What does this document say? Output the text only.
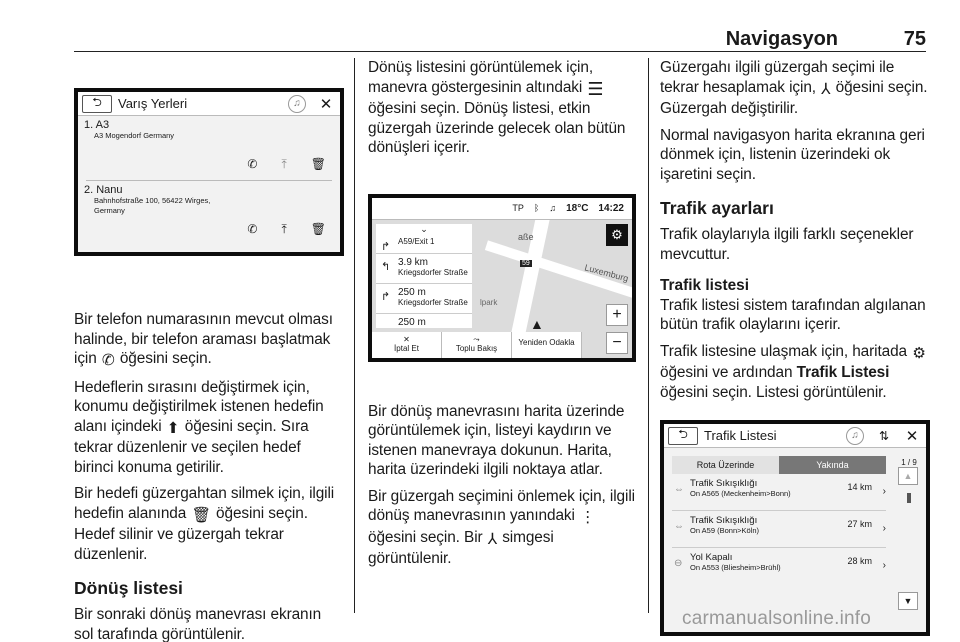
Navigasyon	75
⮌	Varış Yerleri	♫	✕
1. A3
A3 Mogendorf Germany
✆ ⤒ 🗑
2. Nanu
Bahnhofstraße 100, 56422 Wirges,
Germany
✆ ⤒ 🗑

Bir telefon numarasının mevcut olması halinde, bir telefon araması başlatmak için ✆ öğesini seçin.

Hedeflerin sırasını değiştirmek için, konumu değiştirilmek istenen hedefin alanı içindeki ⬆ öğesini seçin. Sıra tekrar düzenlenir ve seçilen hedef birinci konuma getirilir.

Bir hedefi güzergahtan silmek için, ilgili hedefin alanında 🗑 öğesini seçin. Hedef silinir ve güzergah tekrar düzenlenir.

Dönüş listesi

Bir sonraki dönüş manevrası ekranın sol tarafında görüntülenir.

Dönüş listesini görüntülemek için, manevra göstergesinin altındaki ☰ öğesini seçin. Dönüş listesi, etkin güzergah üzerinde gelecek olan bütün dönüşleri içerir.

aße
Luxemburg
lpark
59
▲
TP ᛒ ♫ 18°C 14:22
⌄
↱ A59/Exit 1
↰ 3.9 km
Kriegsdorfer Straße
↱ 250 m
Kriegsdorfer Straße
250 m
⚙
+
−
✕
İptal Et
⤳
Toplu Bakış
Yeniden Odakla

Bir dönüş manevrasını harita üzerinde görüntülemek için, listeyi kaydırın ve istenen manevraya dokunun. Harita, harita üzerindeki ilgili noktaya atlar.

Bir güzergah seçimini önlemek için, ilgili dönüş manevrasının yanındaki ⋮ öğesini seçin. Bir ⅄ simgesi görüntülenir.

Güzergahı ilgili güzergah seçimi ile tekrar hesaplamak için, ⅄ öğesini seçin. Güzergah değiştirilir.

Normal navigasyon harita ekranına geri dönmek için, listenin üzerindeki ok işaretini seçin.

Trafik ayarları

Trafik olaylarıyla ilgili farklı seçenekler mevcuttur.

Trafik listesi

Trafik listesi sistem tarafından algılanan bütün trafik olaylarını içerir.

Trafik listesine ulaşmak için, haritada ⚙ öğesini ve ardından Trafik Listesi öğesini seçin. Listesi görüntülenir.

⮌	Trafik Listesi	♫	⇅	✕
Rota Üzerinde	Yakında
⇔
Trafik Sıkışıklığı
On A565 (Meckenheim>Bonn)
14 km ›
⇔
Trafik Sıkışıklığı
On A59 (Bonn>Köln)
27 km ›
⊖
Yol Kapalı
On A553 (Bliesheim>Brühl)
28 km ›
1 / 9
▲
▼
carmanualsonline.info
